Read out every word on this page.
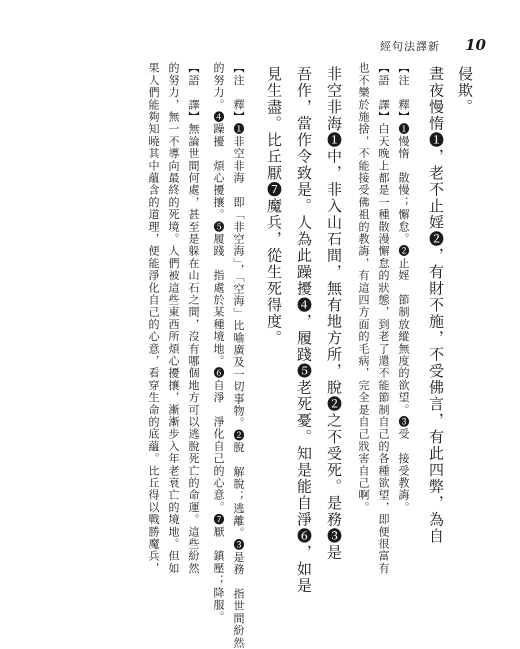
經句法譯新 10
侵欺。
晝夜慢惰❶，老不止婬❷，有財不施，不受佛言，有此四弊，為自
【注　釋】❶慢惰　散慢；懈怠。❷止婬　節制放縱無度的欲望。❸受　接受教誨。
【語　譯】白天晚上都是一種散漫懈怠的狀態，到老了還不能節制自己的各種欲望，即便很富有
也不樂於施捨，不能接受佛祖的教誨，有這四方面的毛病，完全是自己戕害自己啊。
非空非海❶中，非入山石間，無有地方所，脫❷之不受死。是務❸是
吾作，當作令致是。人為此躁擾❹，履踐❺老死憂。知是能自淨❻，如是
見生盡。比丘厭❼魔兵，從生死得度。
【注　釋】❶非空非海　即「非空海」，「空海」比喻廣及一切事物。❷脫　解脫；逃離。❸是務　指世間紛然
的努力。❹躁擾　煩心擾攘。❺履踐　指處於某種境地。❻自淨　淨化自己的心意。❼厭　鎮壓；降服。
【語　譯】無論世間何處，甚至是躲在山石之間，沒有哪個地方可以逃脫死亡的命運。這些紛然
的努力，無一不導向最終的死境。人們被這些東西所煩心擾攘，漸漸步入年老衰亡的境地。但如
果人們能夠知曉其中蘊含的道理，便能淨化自己的心意，看穿生命的底蘊。比丘得以戰勝魔兵，
